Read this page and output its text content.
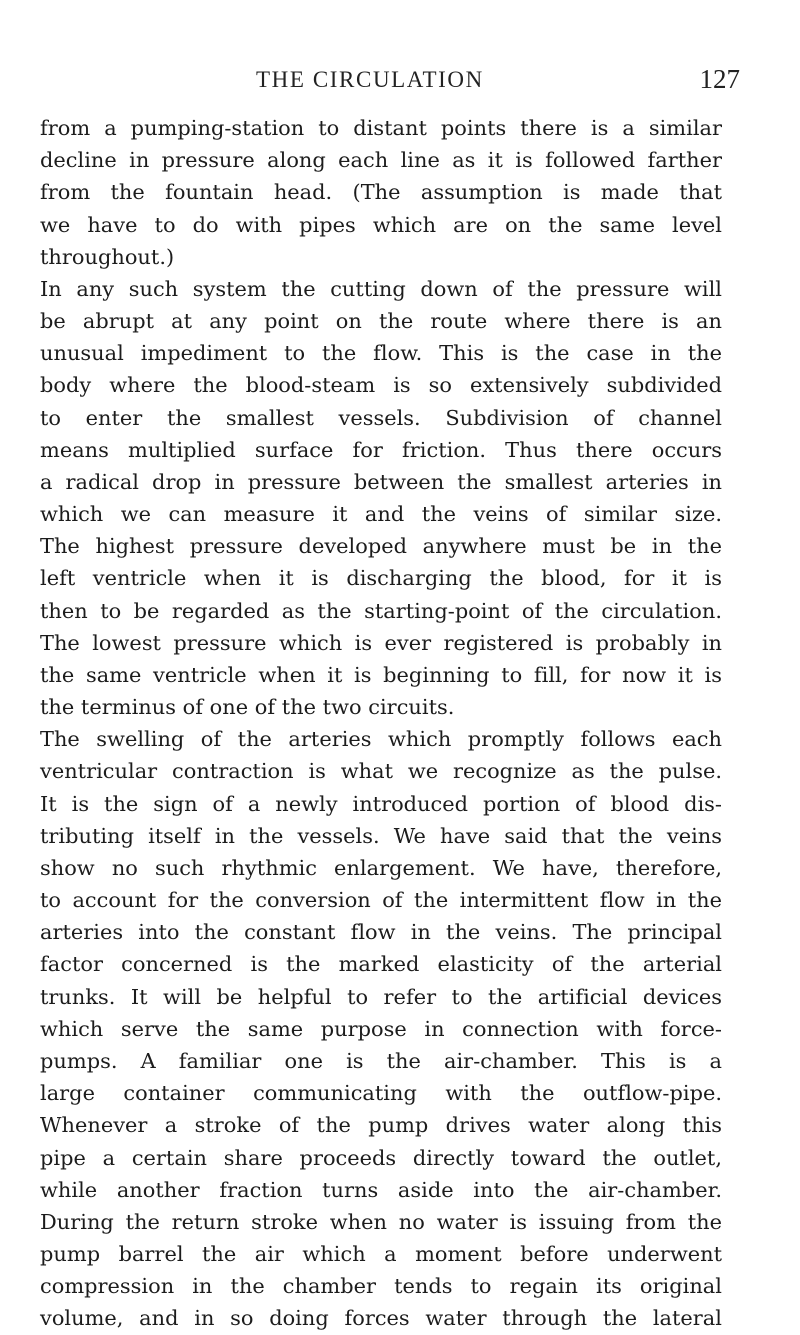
THE CIRCULATION	127
from a pumping-station to distant points there is a similar
decline in pressure along each line as it is followed farther
from the fountain head. (The assumption is made that
we have to do with pipes which are on the same level
throughout.)
In any such system the cutting down of the pressure will
be abrupt at any point on the route where there is an
unusual impediment to the flow. This is the case in the
body where the blood-steam is so extensively subdivided
to enter the smallest vessels. Subdivision of channel
means multiplied surface for friction. Thus there occurs
a radical drop in pressure between the smallest arteries in
which we can measure it and the veins of similar size.
The highest pressure developed anywhere must be in the
left ventricle when it is discharging the blood, for it is
then to be regarded as the starting-point of the circulation.
The lowest pressure which is ever registered is probably in
the same ventricle when it is beginning to fill, for now it is
the terminus of one of the two circuits.
The swelling of the arteries which promptly follows each
ventricular contraction is what we recognize as the pulse.
It is the sign of a newly introduced portion of blood dis-
tributing itself in the vessels. We have said that the veins
show no such rhythmic enlargement. We have, therefore,
to account for the conversion of the intermittent flow in the
arteries into the constant flow in the veins. The principal
factor concerned is the marked elasticity of the arterial
trunks. It will be helpful to refer to the artificial devices
which serve the same purpose in connection with force-
pumps. A familiar one is the air-chamber. This is a
large container communicating with the outflow-pipe.
Whenever a stroke of the pump drives water along this
pipe a certain share proceeds directly toward the outlet,
while another fraction turns aside into the air-chamber.
During the return stroke when no water is issuing from the
pump barrel the air which a moment before underwent
compression in the chamber tends to regain its original
volume, and in so doing forces water through the lateral
